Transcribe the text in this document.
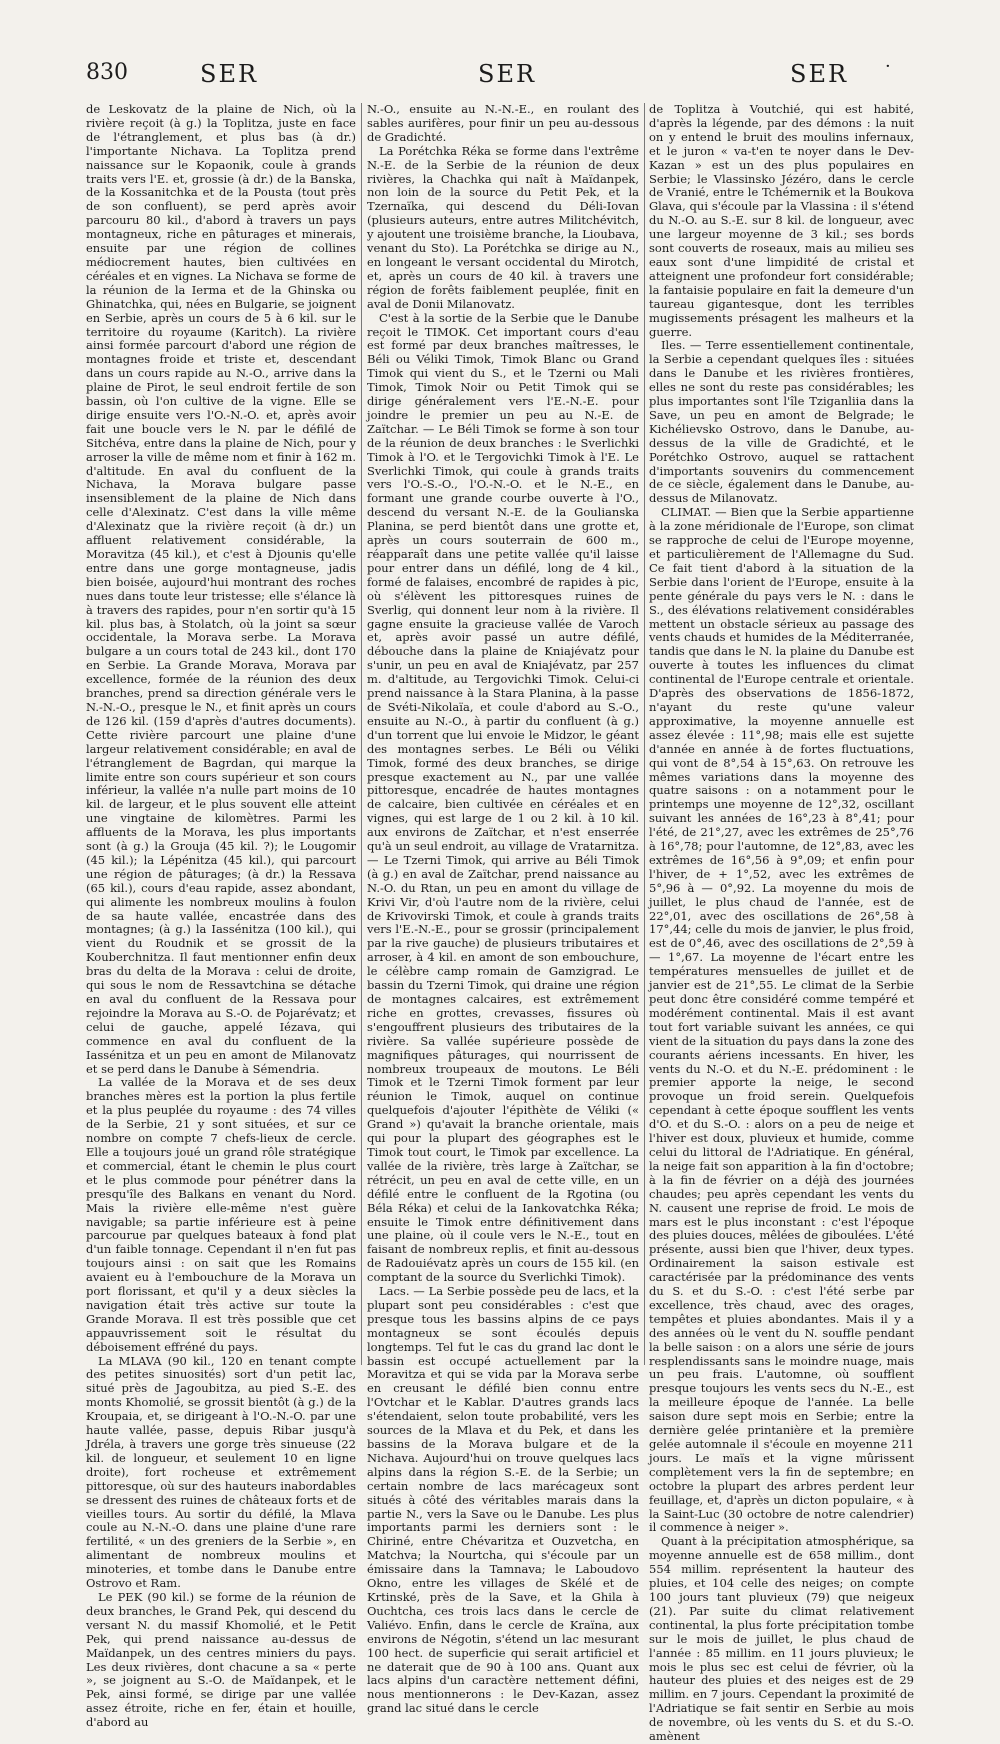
830	SER	SER	SER ·

de Leskovatz de la plaine de Nich, où la rivière reçoit (à g.) la Toplitza, juste en face de l'étranglement, et plus bas (à dr.) l'importante Nichava. La Toplitza prend naissance sur le Kopaonik, coule à grands traits vers l'E. et, grossie (à dr.) de la Banska, de la Kossanitchka et de la Pousta (tout près de son confluent), se perd après avoir parcouru 80 kil., d'abord à travers un pays montagneux, riche en pâturages et minerais, ensuite par une région de collines médiocrement hautes, bien cultivées en céréales et en vignes. La Nichava se forme de la réunion de la Ierma et de la Ghinska ou Ghinatchka, qui, nées en Bulgarie, se joignent en Serbie, après un cours de 5 à 6 kil. sur le territoire du royaume (Karitch). La rivière ainsi formée parcourt d'abord une région de montagnes froide et triste et, descendant dans un cours rapide au N.-O., arrive dans la plaine de Pirot, le seul endroit fertile de son bassin, où l'on cultive de la vigne. Elle se dirige ensuite vers l'O.-N.-O. et, après avoir fait une boucle vers le N. par le défilé de Sitchéva, entre dans la plaine de Nich, pour y arroser la ville de même nom et finir à 162 m. d'altitude. En aval du confluent de la Nichava, la Morava bulgare passe insensiblement de la plaine de Nich dans celle d'Alexinatz. C'est dans la ville même d'Alexinatz que la rivière reçoit (à dr.) un affluent relativement considérable, la Moravitza (45 kil.), et c'est à Djounis qu'elle entre dans une gorge montagneuse, jadis bien boisée, aujourd'hui montrant des roches nues dans toute leur tristesse; elle s'élance là à travers des rapides, pour n'en sortir qu'à 15 kil. plus bas, à Stolatch, où la joint sa sœur occidentale, la Morava serbe. La Morava bulgare a un cours total de 243 kil., dont 170 en Serbie. La Grande Morava, Morava par excellence, formée de la réunion des deux branches, prend sa direction générale vers le N.-N.-O., presque le N., et finit après un cours de 126 kil. (159 d'après d'autres documents). Cette rivière parcourt une plaine d'une largeur relativement considérable; en aval de l'étranglement de Bagrdan, qui marque la limite entre son cours supérieur et son cours inférieur, la vallée n'a nulle part moins de 10 kil. de largeur, et le plus souvent elle atteint une vingtaine de kilomètres. Parmi les affluents de la Morava, les plus importants sont (à g.) la Grouja (45 kil. ?); le Lougomir (45 kil.); la Lépénitza (45 kil.), qui parcourt une région de pâturages; (à dr.) la Ressava (65 kil.), cours d'eau rapide, assez abondant, qui alimente les nombreux moulins à foulon de sa haute vallée, encastrée dans des montagnes; (à g.) la Iassénitza (100 kil.), qui vient du Roudnik et se grossit de la Kouberchnitza. Il faut mentionner enfin deux bras du delta de la Morava : celui de droite, qui sous le nom de Ressavtchina se détache en aval du confluent de la Ressava pour rejoindre la Morava au S.-O. de Pojarévatz; et celui de gauche, appelé Iézava, qui commence en aval du confluent de la Iassénitza et un peu en amont de Milanovatz et se perd dans le Danube à Sémendria.

La vallée de la Morava et de ses deux branches mères est la portion la plus fertile et la plus peuplée du royaume : des 74 villes de la Serbie, 21 y sont situées, et sur ce nombre on compte 7 chefs-lieux de cercle. Elle a toujours joué un grand rôle stratégique et commercial, étant le chemin le plus court et le plus commode pour pénétrer dans la presqu'île des Balkans en venant du Nord. Mais la rivière elle-même n'est guère navigable; sa partie inférieure est à peine parcourue par quelques bateaux à fond plat d'un faible tonnage. Cependant il n'en fut pas toujours ainsi : on sait que les Romains avaient eu à l'embouchure de la Morava un port florissant, et qu'il y a deux siècles la navigation était très active sur toute la Grande Morava. Il est très possible que cet appauvrissement soit le résultat du déboisement effréné du pays.

La MLAVA (90 kil., 120 en tenant compte des petites sinuosités) sort d'un petit lac, situé près de Jagoubitza, au pied S.-E. des monts Khomolié, se grossit bientôt (à g.) de la Kroupaia, et, se dirigeant à l'O.-N.-O. par une haute vallée, passe, depuis Ribar jusqu'à Jdréla, à travers une gorge très sinueuse (22 kil. de longueur, et seulement 10 en ligne droite), fort rocheuse et extrêmement pittoresque, où sur des hauteurs inabordables se dressent des ruines de châteaux forts et de vieilles tours. Au sortir du défilé, la Mlava coule au N.-N.-O. dans une plaine d'une rare fertilité, « un des greniers de la Serbie », en alimentant de nombreux moulins et minoteries, et tombe dans le Danube entre Ostrovo et Ram.

Le PEK (90 kil.) se forme de la réunion de deux branches, le Grand Pek, qui descend du versant N. du massif Khomolié, et le Petit Pek, qui prend naissance au-dessus de Maïdanpek, un des centres miniers du pays. Les deux rivières, dont chacune a sa « perte », se joignent au S.-O. de Maïdanpek, et le Pek, ainsi formé, se dirige par une vallée assez étroite, riche en fer, étain et houille, d'abord au

N.-O., ensuite au N.-N.-E., en roulant des sables aurifères, pour finir un peu au-dessous de Gradichté.

La Porétchka Réka se forme dans l'extrême N.-E. de la Serbie de la réunion de deux rivières, la Chachka qui naît à Maïdanpek, non loin de la source du Petit Pek, et la Tzernaïka, qui descend du Déli-Iovan (plusieurs auteurs, entre autres Militchévitch, y ajoutent une troisième branche, la Lioubava, venant du Sto). La Porétchka se dirige au N., en longeant le versant occidental du Mirotch, et, après un cours de 40 kil. à travers une région de forêts faiblement peuplée, finit en aval de Donii Milanovatz.

C'est à la sortie de la Serbie que le Danube reçoit le TIMOK. Cet important cours d'eau est formé par deux branches maîtresses, le Béli ou Véliki Timok, Timok Blanc ou Grand Timok qui vient du S., et le Tzerni ou Mali Timok, Timok Noir ou Petit Timok qui se dirige généralement vers l'E.-N.-E. pour joindre le premier un peu au N.-E. de Zaïtchar. — Le Béli Timok se forme à son tour de la réunion de deux branches : le Sverlichki Timok à l'O. et le Tergovichki Timok à l'E. Le Sverlichki Timok, qui coule à grands traits vers l'O.-S.-O., l'O.-N.-O. et le N.-E., en formant une grande courbe ouverte à l'O., descend du versant N.-E. de la Goulianska Planina, se perd bientôt dans une grotte et, après un cours souterrain de 600 m., réapparaît dans une petite vallée qu'il laisse pour entrer dans un défilé, long de 4 kil., formé de falaises, encombré de rapides à pic, où s'élèvent les pittoresques ruines de Sverlig, qui donnent leur nom à la rivière. Il gagne ensuite la gracieuse vallée de Varoch et, après avoir passé un autre défilé, débouche dans la plaine de Kniajévatz pour s'unir, un peu en aval de Kniajévatz, par 257 m. d'altitude, au Tergovichki Timok. Celui-ci prend naissance à la Stara Planina, à la passe de Svéti-Nikolaïa, et coule d'abord au S.-O., ensuite au N.-O., à partir du confluent (à g.) d'un torrent que lui envoie le Midzor, le géant des montagnes serbes. Le Béli ou Véliki Timok, formé des deux branches, se dirige presque exactement au N., par une vallée pittoresque, encadrée de hautes montagnes de calcaire, bien cultivée en céréales et en vignes, qui est large de 1 ou 2 kil. à 10 kil. aux environs de Zaïtchar, et n'est enserrée qu'à un seul endroit, au village de Vratarnitza. — Le Tzerni Timok, qui arrive au Béli Timok (à g.) en aval de Zaïtchar, prend naissance au N.-O. du Rtan, un peu en amont du village de Krivi Vir, d'où l'autre nom de la rivière, celui de Krivovirski Timok, et coule à grands traits vers l'E.-N.-E., pour se grossir (principalement par la rive gauche) de plusieurs tributaires et arroser, à 4 kil. en amont de son embouchure, le célèbre camp romain de Gamzigrad. Le bassin du Tzerni Timok, qui draine une région de montagnes calcaires, est extrêmement riche en grottes, crevasses, fissures où s'engouffrent plusieurs des tributaires de la rivière. Sa vallée supérieure possède de magnifiques pâturages, qui nourrissent de nombreux troupeaux de moutons. Le Béli Timok et le Tzerni Timok forment par leur réunion le Timok, auquel on continue quelquefois d'ajouter l'épithète de Véliki (« Grand ») qu'avait la branche orientale, mais qui pour la plupart des géographes est le Timok tout court, le Timok par excellence. La vallée de la rivière, très large à Zaïtchar, se rétrécit, un peu en aval de cette ville, en un défilé entre le confluent de la Rgotina (ou Béla Réka) et celui de la Iankovatchka Réka; ensuite le Timok entre définitivement dans une plaine, où il coule vers le N.-E., tout en faisant de nombreux replis, et finit au-dessous de Radouiévatz après un cours de 155 kil. (en comptant de la source du Sverlichki Timok).

Lacs. — La Serbie possède peu de lacs, et la plupart sont peu considérables : c'est que presque tous les bassins alpins de ce pays montagneux se sont écoulés depuis longtemps. Tel fut le cas du grand lac dont le bassin est occupé actuellement par la Moravitza et qui se vida par la Morava serbe en creusant le défilé bien connu entre l'Ovtchar et le Kablar. D'autres grands lacs s'étendaient, selon toute probabilité, vers les sources de la Mlava et du Pek, et dans les bassins de la Morava bulgare et de la Nichava. Aujourd'hui on trouve quelques lacs alpins dans la région S.-E. de la Serbie; un certain nombre de lacs marécageux sont situés à côté des véritables marais dans la partie N., vers la Save ou le Danube. Les plus importants parmi les derniers sont : le Chiriné, entre Chévaritza et Ouzvetcha, en Matchva; la Nourtcha, qui s'écoule par un émissaire dans la Tamnava; le Laboudovo Okno, entre les villages de Skélé et de Krtinské, près de la Save, et la Ghila à Ouchtcha, ces trois lacs dans le cercle de Valiévo. Enfin, dans le cercle de Kraïna, aux environs de Négotin, s'étend un lac mesurant 100 hect. de superficie qui serait artificiel et ne daterait que de 90 à 100 ans. Quant aux lacs alpins d'un caractère nettement défini, nous mentionnerons : le Dev-Kazan, assez grand lac situé dans le cercle

de Toplitza à Voutchié, qui est habité, d'après la légende, par des démons : la nuit on y entend le bruit des moulins infernaux, et le juron « va-t'en te noyer dans le Dev-Kazan » est un des plus populaires en Serbie; le Vlassinsko Jézéro, dans le cercle de Vranié, entre le Tchémernik et la Boukova Glava, qui s'écoule par la Vlassina : il s'étend du N.-O. au S.-E. sur 8 kil. de longueur, avec une largeur moyenne de 3 kil.; ses bords sont couverts de roseaux, mais au milieu ses eaux sont d'une limpidité de cristal et atteignent une profondeur fort considérable; la fantaisie populaire en fait la demeure d'un taureau gigantesque, dont les terribles mugissements présagent les malheurs et la guerre.

Iles. — Terre essentiellement continentale, la Serbie a cependant quelques îles : situées dans le Danube et les rivières frontières, elles ne sont du reste pas considérables; les plus importantes sont l'île Tziganliia dans la Save, un peu en amont de Belgrade; le Kichélievsko Ostrovo, dans le Danube, au-dessus de la ville de Gradichté, et le Porétchko Ostrovo, auquel se rattachent d'importants souvenirs du commencement de ce siècle, également dans le Danube, au-dessus de Milanovatz.

CLIMAT. — Bien que la Serbie appartienne à la zone méridionale de l'Europe, son climat se rapproche de celui de l'Europe moyenne, et particulièrement de l'Allemagne du Sud. Ce fait tient d'abord à la situation de la Serbie dans l'orient de l'Europe, ensuite à la pente générale du pays vers le N. : dans le S., des élévations relativement considérables mettent un obstacle sérieux au passage des vents chauds et humides de la Méditerranée, tandis que dans le N. la plaine du Danube est ouverte à toutes les influences du climat continental de l'Europe centrale et orientale. D'après des observations de 1856-1872, n'ayant du reste qu'une valeur approximative, la moyenne annuelle est assez élevée : 11°,98; mais elle est sujette d'année en année à de fortes fluctuations, qui vont de 8°,54 à 15°,63. On retrouve les mêmes variations dans la moyenne des quatre saisons : on a notamment pour le printemps une moyenne de 12°,32, oscillant suivant les années de 16°,23 à 8°,41; pour l'été, de 21°,27, avec les extrêmes de 25°,76 à 16°,78; pour l'automne, de 12°,83, avec les extrêmes de 16°,56 à 9°,09; et enfin pour l'hiver, de + 1°,52, avec les extrêmes de 5°,96 à — 0°,92. La moyenne du mois de juillet, le plus chaud de l'année, est de 22°,01, avec des oscillations de 26°,58 à 17°,44; celle du mois de janvier, le plus froid, est de 0°,46, avec des oscillations de 2°,59 à — 1°,67. La moyenne de l'écart entre les températures mensuelles de juillet et de janvier est de 21°,55. Le climat de la Serbie peut donc être considéré comme tempéré et modérément continental. Mais il est avant tout fort variable suivant les années, ce qui vient de la situation du pays dans la zone des courants aériens incessants. En hiver, les vents du N.-O. et du N.-E. prédominent : le premier apporte la neige, le second provoque un froid serein. Quelquefois cependant à cette époque soufflent les vents d'O. et du S.-O. : alors on a peu de neige et l'hiver est doux, pluvieux et humide, comme celui du littoral de l'Adriatique. En général, la neige fait son apparition à la fin d'octobre; à la fin de février on a déjà des journées chaudes; peu après cependant les vents du N. causent une reprise de froid. Le mois de mars est le plus inconstant : c'est l'époque des pluies douces, mêlées de giboulées. L'été présente, aussi bien que l'hiver, deux types. Ordinairement la saison estivale est caractérisée par la prédominance des vents du S. et du S.-O. : c'est l'été serbe par excellence, très chaud, avec des orages, tempêtes et pluies abondantes. Mais il y a des années où le vent du N. souffle pendant la belle saison : on a alors une série de jours resplendissants sans le moindre nuage, mais un peu frais. L'automne, où soufflent presque toujours les vents secs du N.-E., est la meilleure époque de l'année. La belle saison dure sept mois en Serbie; entre la dernière gelée printanière et la première gelée automnale il s'écoule en moyenne 211 jours. Le maïs et la vigne mûrissent complètement vers la fin de septembre; en octobre la plupart des arbres perdent leur feuillage, et, d'après un dicton populaire, « à la Saint-Luc (30 octobre de notre calendrier) il commence à neiger ».

Quant à la précipitation atmosphérique, sa moyenne annuelle est de 658 millim., dont 554 millim. représentent la hauteur des pluies, et 104 celle des neiges; on compte 100 jours tant pluvieux (79) que neigeux (21). Par suite du climat relativement continental, la plus forte précipitation tombe sur le mois de juillet, le plus chaud de l'année : 85 millim. en 11 jours pluvieux; le mois le plus sec est celui de février, où la hauteur des pluies et des neiges est de 29 millim. en 7 jours. Cependant la proximité de l'Adriatique se fait sentir en Serbie au mois de novembre, où les vents du S. et du S.-O. amènent
